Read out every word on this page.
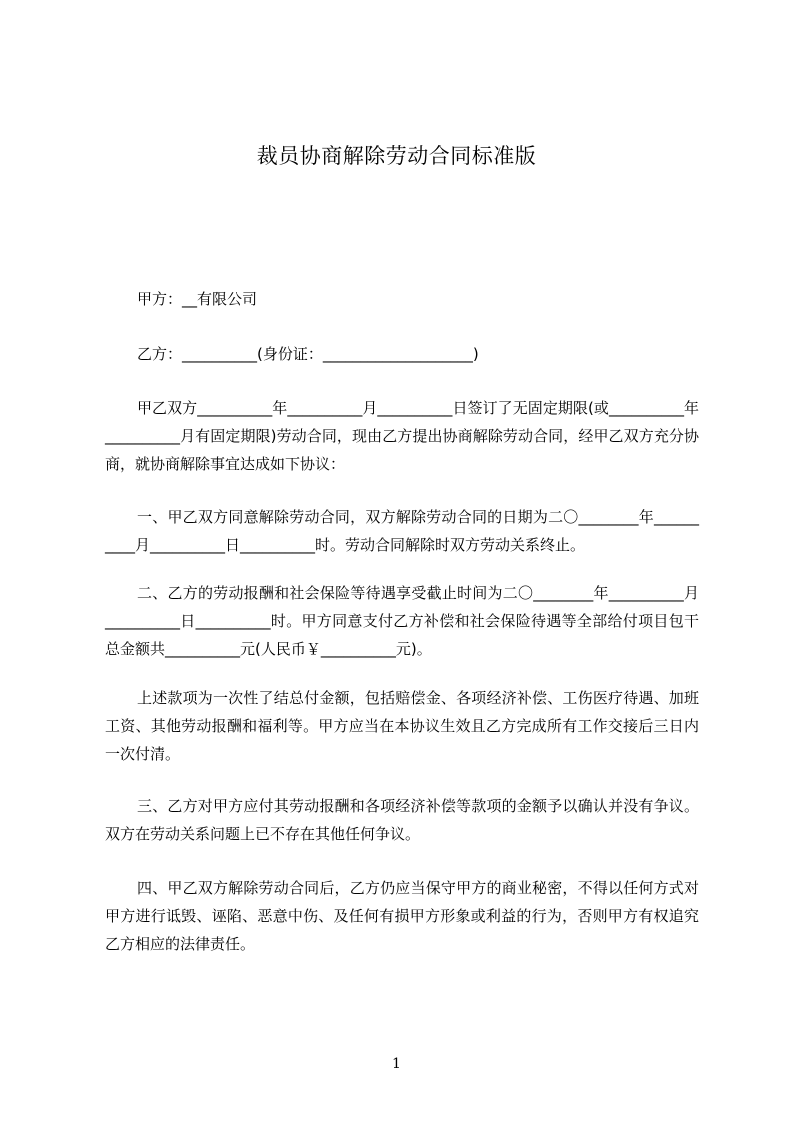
裁员协商解除劳动合同标准版

甲方：__有限公司

乙方：__________(身份证：____________________)

甲乙双方__________年__________月__________日签订了无固定期限(或__________年__________月有固定期限)劳动合同，现由乙方提出协商解除劳动合同，经甲乙双方充分协商，就协商解除事宜达成如下协议：

一、甲乙双方同意解除劳动合同，双方解除劳动合同的日期为二〇________年__________月__________日__________时。劳动合同解除时双方劳动关系终止。

二、乙方的劳动报酬和社会保险等待遇享受截止时间为二〇________年__________月__________日__________时。甲方同意支付乙方补偿和社会保险待遇等全部给付项目包干总金额共__________元(人民币￥__________元)。

上述款项为一次性了结总付金额，包括赔偿金、各项经济补偿、工伤医疗待遇、加班工资、其他劳动报酬和福利等。甲方应当在本协议生效且乙方完成所有工作交接后三日内一次付清。

三、乙方对甲方应付其劳动报酬和各项经济补偿等款项的金额予以确认并没有争议。双方在劳动关系问题上已不存在其他任何争议。

四、甲乙双方解除劳动合同后，乙方仍应当保守甲方的商业秘密，不得以任何方式对甲方进行诋毁、诬陷、恶意中伤、及任何有损甲方形象或利益的行为，否则甲方有权追究乙方相应的法律责任。

1
